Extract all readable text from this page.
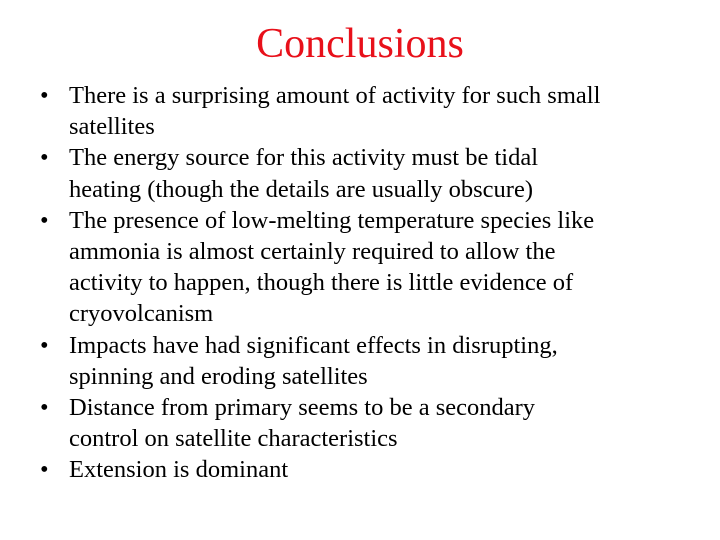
Conclusions
• There is a surprising amount of activity for such small
satellites
• The energy source for this activity must be tidal
heating (though the details are usually obscure)
• The presence of low-melting temperature species like
ammonia is almost certainly required to allow the
activity to happen, though there is little evidence of
cryovolcanism
• Impacts have had significant effects in disrupting,
spinning and eroding satellites
• Distance from primary seems to be a secondary
control on satellite characteristics
• Extension is dominant
